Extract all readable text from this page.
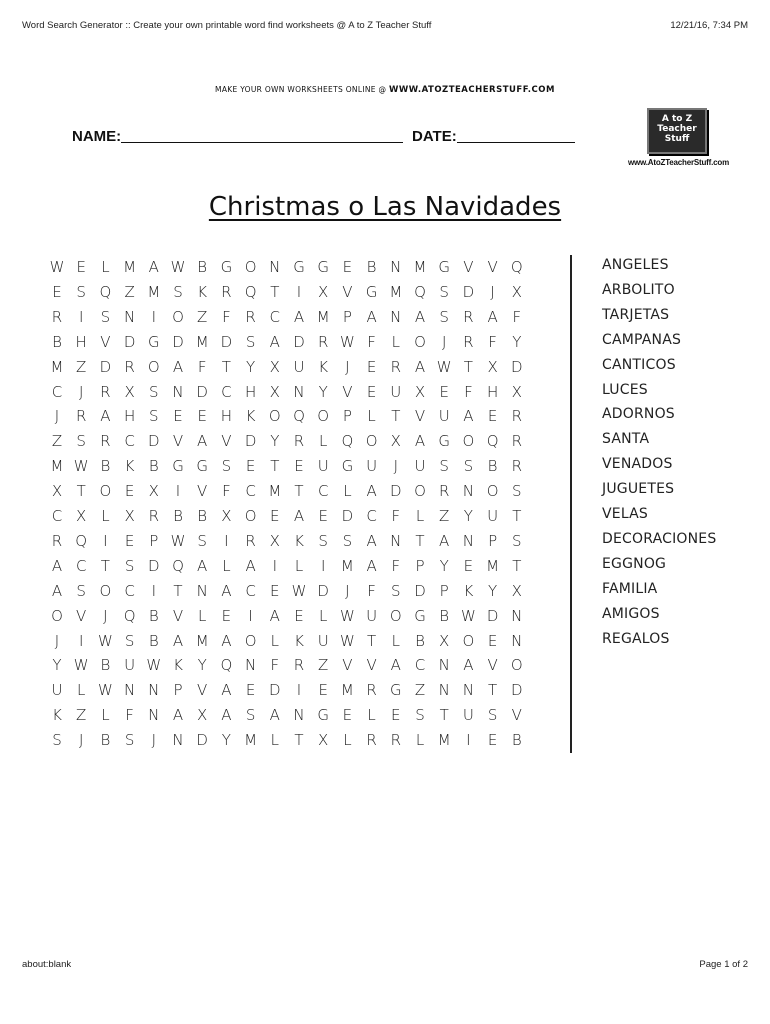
Word Search Generator :: Create your own printable word find worksheets @ A to Z Teacher Stuff	12/21/16, 7:34 PM
MAKE YOUR OWN WORKSHEETS ONLINE @ WWW.ATOZTEACHERSTUFF.COM
NAME:	DATE:
A to Z
Teacher
Stuff
www.AtoZTeacherStuff.com
Christmas o Las Navidades
W E	L M A W B G O N G G E B N M G V V Q
E S Q Z M S K R Q T	I	X V G M Q S D	J	X
R	I	S N	I	O Z F R C A M P A N A S R A F
B H V D G D M D S A D R W F	L O	J	R F	Y
M Z D R O A F	T	Y X U K	J	E R A W T X D
C	J	R X S N D C H X N Y V E U X E	F H X
J	R A H S E E H K O Q O P	L	T V U A E R
Z S R C D V A V D Y R L Q O X A G O Q R
M W B K B G G S E T E U G U	J	U S S B R
X T O E X	I	V F C M T C L A D O R N O S
C X L X R B B X O E A E D C F	L Z Y U T
R Q	I	E P W S	I	R X K S S A N T A N P S
A C T S D Q A L A	I	L	I	M A F	P	Y E M T
A S O C	I	T N A C E W D	J	F	S D P K Y X
O V	J	Q B V L	E	I	A E	L W U O G B W D N
J	I W S B A M A O L	K U W T	L	B X O E N
Y W B U W K Y Q N F R Z V V A C N A V O
U L W N N P V A E D	I	E M R G Z N N T D
K Z L	F N A X A S A N G E	L	E S T U S V
S	J	B S	J	N D Y M L	T X L R R L M	I	E B
ANGELES
ARBOLITO
TARJETAS
CAMPANAS
CANTICOS
LUCES
ADORNOS
SANTA
VENADOS
JUGUETES
VELAS
DECORACIONES
EGGNOG
FAMILIA
AMIGOS
REGALOS
about:blank	Page 1 of 2
